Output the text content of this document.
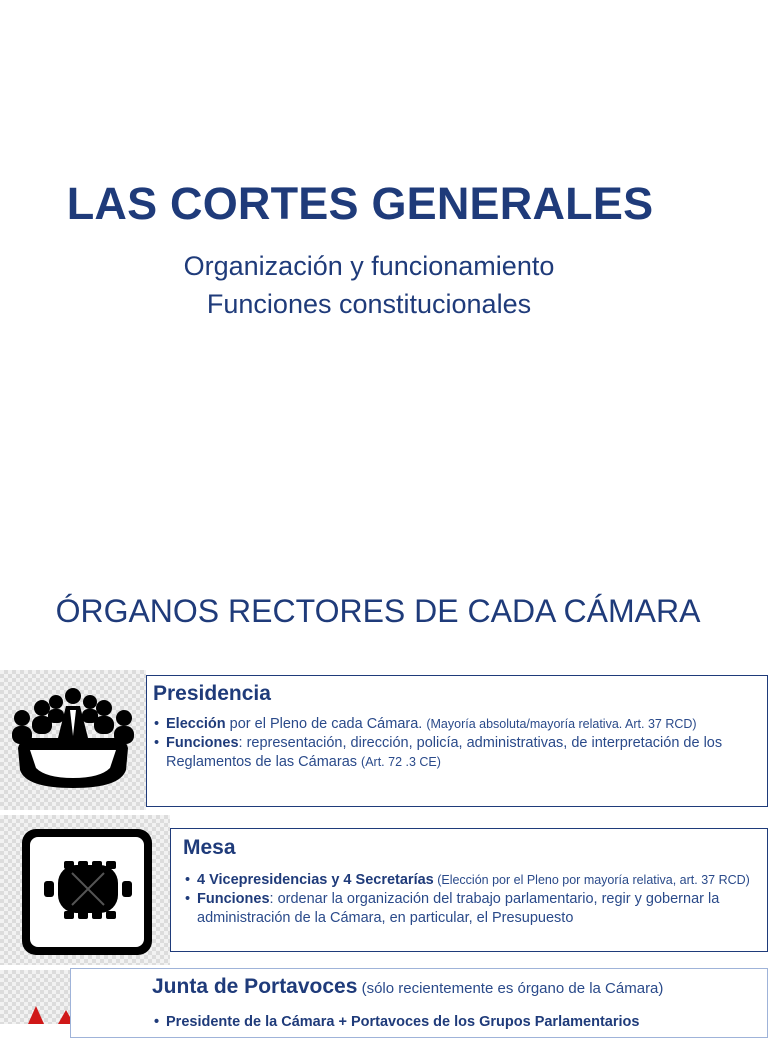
LAS CORTES GENERALES
Organización y funcionamiento
Funciones constitucionales
ÓRGANOS RECTORES DE CADA CÁMARA
Presidencia
• Elección por el Pleno de cada Cámara. (Mayoría absoluta/mayoría relativa. Art. 37 RCD)
• Funciones: representación, dirección, policía, administrativas, de interpretación de los Reglamentos de las Cámaras (Art. 72 .3 CE)
Mesa
• 4 Vicepresidencias y 4 Secretarías (Elección por el Pleno por mayoría relativa, art. 37 RCD)
• Funciones: ordenar la organización del trabajo parlamentario, regir y gobernar la administración de la Cámara, en particular, el Presupuesto
Junta de Portavoces (sólo recientemente es órgano de la Cámara)
• Presidente de la Cámara + Portavoces de los Grupos Parlamentarios
